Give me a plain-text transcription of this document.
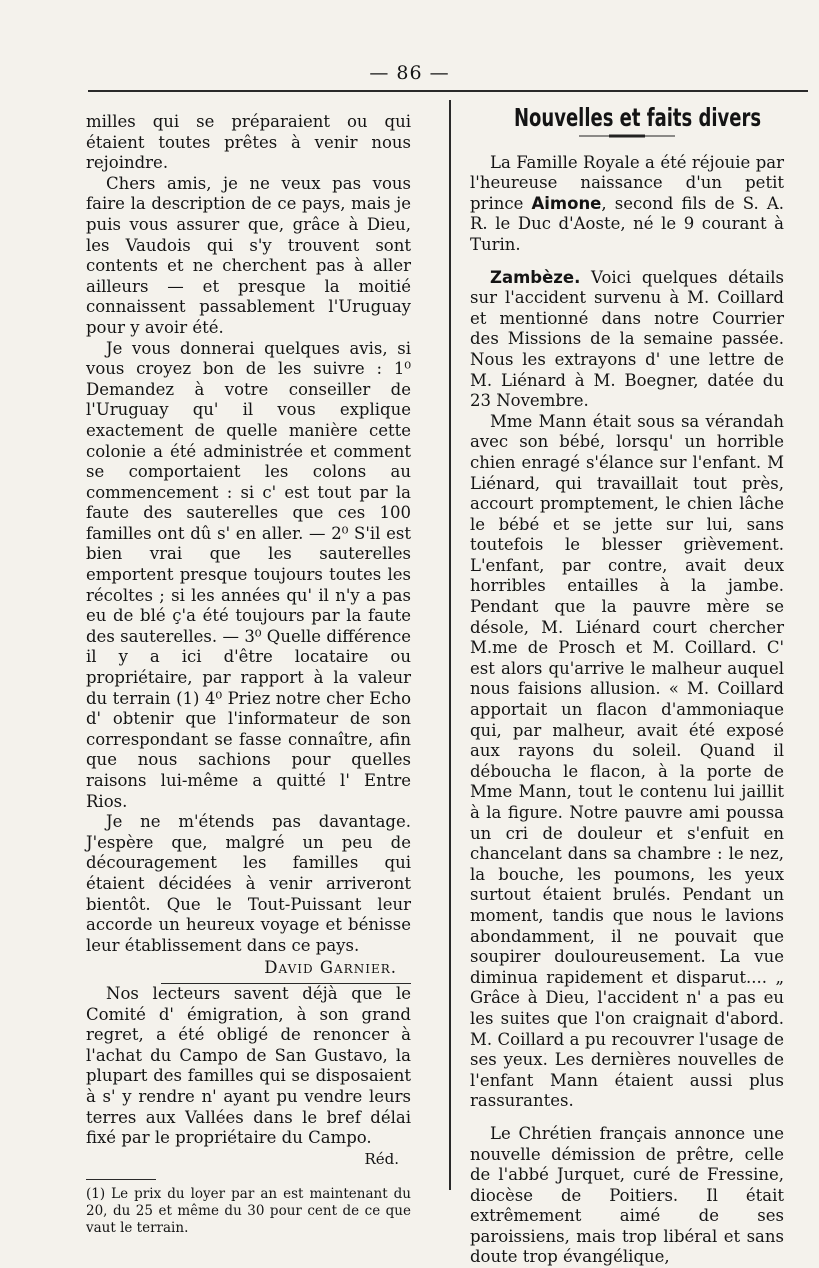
— 86 —

milles qui se préparaient ou qui étaient toutes prêtes à venir nous rejoindre.

Chers amis, je ne veux pas vous faire la description de ce pays, mais je puis vous assurer que, grâce à Dieu, les Vaudois qui s'y trouvent sont contents et ne cherchent pas à aller ailleurs — et presque la moitié connaissent passablement l'Uruguay pour y avoir été.

Je vous donnerai quelques avis, si vous croyez bon de les suivre : 1⁰ Demandez à votre conseiller de l'Uruguay qu' il vous explique exactement de quelle manière cette colonie a été administrée et comment se comportaient les colons au commencement : si c' est tout par la faute des sauterelles que ces 100 familles ont dû s' en aller. — 2⁰ S'il est bien vrai que les sauterelles emportent presque toujours toutes les récoltes ; si les années qu' il n'y a pas eu de blé ç'a été toujours par la faute des sauterelles. — 3⁰ Quelle différence il y a ici d'être locataire ou propriétaire, par rapport à la valeur du terrain (1) 4⁰ Priez notre cher Echo d' obtenir que l'informateur de son correspondant se fasse connaître, afin que nous sachions pour quelles raisons lui-même a quitté l' Entre Rios.

Je ne m'étends pas davantage. J'espère que, malgré un peu de découragement les familles qui étaient décidées à venir arriveront bientôt. Que le Tout-Puissant leur accorde un heureux voyage et bénisse leur établissement dans ce pays.

David Garnier.

Nos lecteurs savent déjà que le Comité d' émigration, à son grand regret, a été obligé de renoncer à l'achat du Campo de San Gustavo, la plupart des familles qui se disposaient à s' y rendre n' ayant pu vendre leurs terres aux Vallées dans le bref délai fixé par le propriétaire du Campo.

Réd.
(1) Le prix du loyer par an est maintenant du 20, du 25 et même du 30 pour cent de ce que vaut le terrain.
Nouvelles et faits divers

La Famille Royale a été réjouie par l'heureuse naissance d'un petit prince Aimone, second fils de S. A. R. le Duc d'Aoste, né le 9 courant à Turin.

Zambèze. Voici quelques détails sur l'accident survenu à M. Coillard et mentionné dans notre Courrier des Missions de la semaine passée. Nous les extrayons d' une lettre de M. Liénard à M. Boegner, datée du 23 Novembre.

Mme Mann était sous sa vérandah avec son bébé, lorsqu' un horrible chien enragé s'élance sur l'enfant. M Liénard, qui travaillait tout près, accourt promptement, le chien lâche le bébé et se jette sur lui, sans toutefois le blesser grièvement. L'enfant, par contre, avait deux horribles entailles à la jambe. Pendant que la pauvre mère se désole, M. Liénard court chercher M.me de Prosch et M. Coillard. C' est alors qu'arrive le malheur auquel nous faisions allusion. « M. Coillard apportait un flacon d'ammoniaque qui, par malheur, avait été exposé aux rayons du soleil. Quand il déboucha le flacon, à la porte de Mme Mann, tout le contenu lui jaillit à la figure. Notre pauvre ami poussa un cri de douleur et s'enfuit en chancelant dans sa chambre : le nez, la bouche, les poumons, les yeux surtout étaient brulés. Pendant un moment, tandis que nous le lavions abondamment, il ne pouvait que soupirer douloureusement. La vue diminua rapidement et disparut.... „ Grâce à Dieu, l'accident n' a pas eu les suites que l'on craignait d'abord. M. Coillard a pu recouvrer l'usage de ses yeux. Les dernières nouvelles de l'enfant Mann étaient aussi plus rassurantes.

Le Chrétien français annonce une nouvelle démission de prêtre, celle de l'abbé Jurquet, curé de Fressine, diocèse de Poitiers. Il était extrêmement aimé de ses paroissiens, mais trop libéral et sans doute trop évangélique,
